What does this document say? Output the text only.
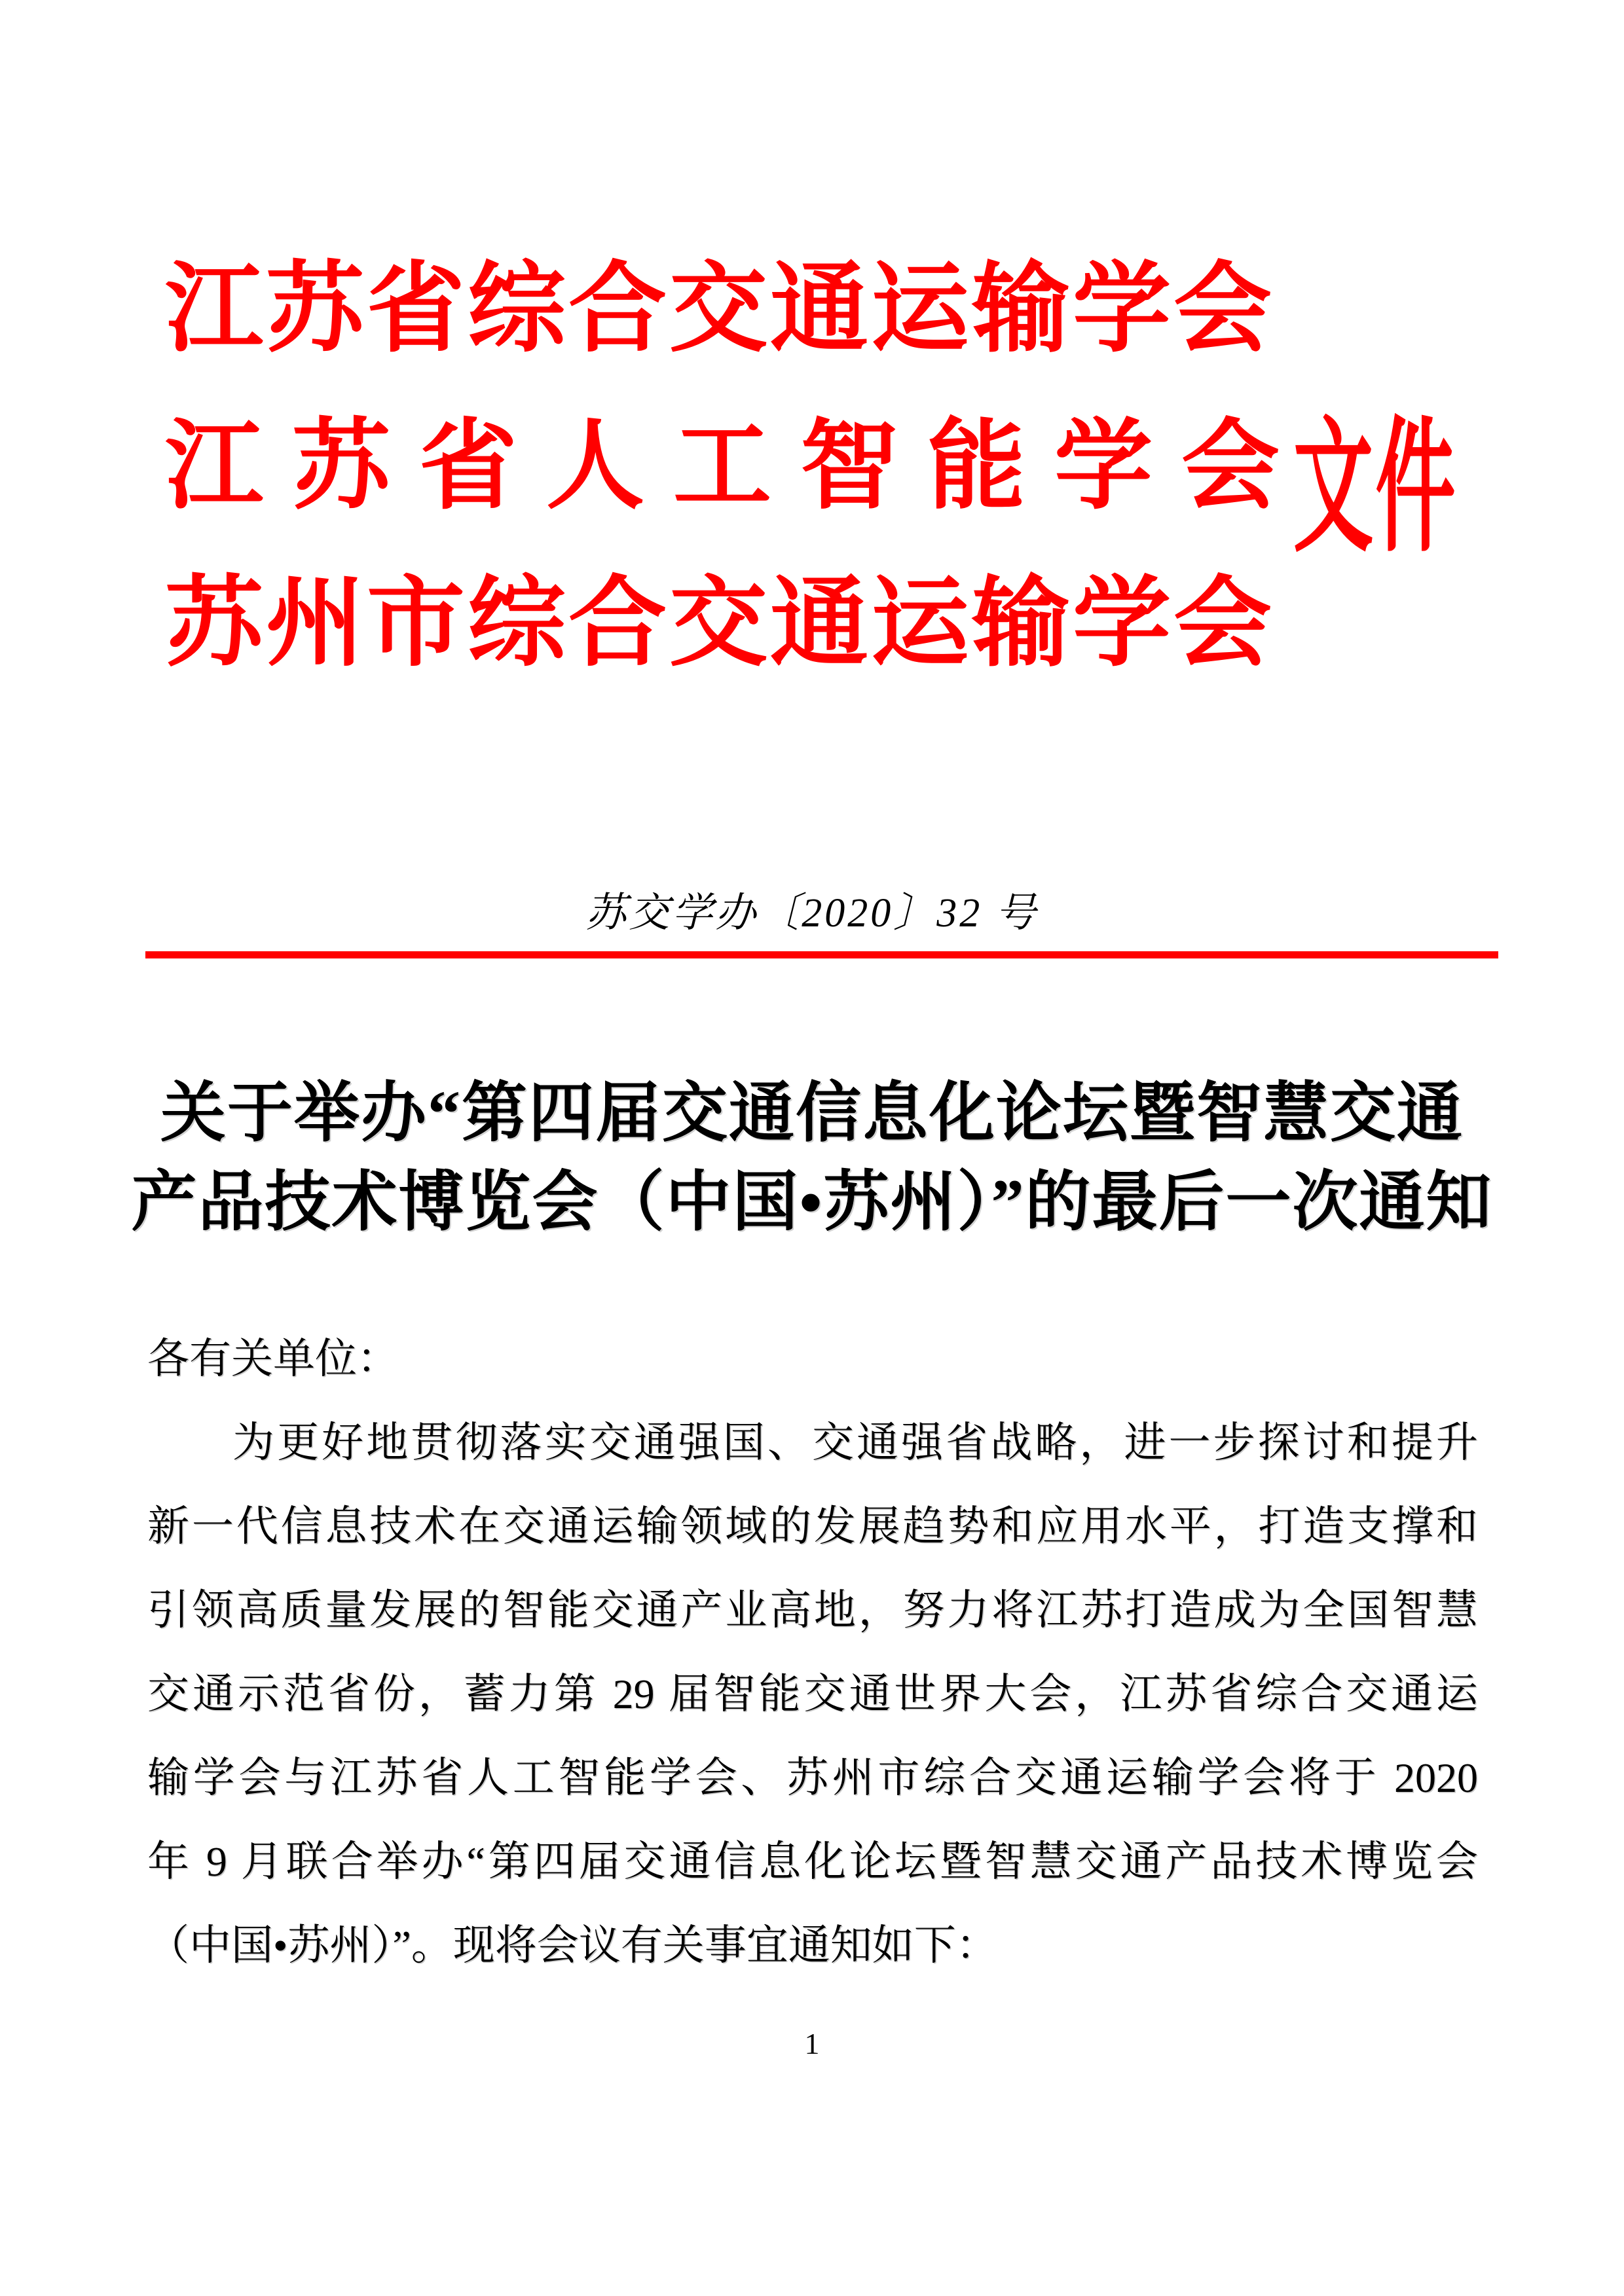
江苏省综合交通运输学会
江苏省人工智能学会
文件
苏州市综合交通运输学会
苏交学办〔2020〕32 号
关于举办“第四届交通信息化论坛暨智慧交通
产品技术博览会（中国•苏州）”的最后一次通知
各有关单位：
为更好地贯彻落实交通强国、交通强省战略，进一步探讨和提升
新一代信息技术在交通运输领域的发展趋势和应用水平，打造支撑和
引领高质量发展的智能交通产业高地，努力将江苏打造成为全国智慧
交通示范省份，蓄力第 29 届智能交通世界大会，江苏省综合交通运
输学会与江苏省人工智能学会、苏州市综合交通运输学会将于 2020
年 9 月联合举办“第四届交通信息化论坛暨智慧交通产品技术博览会
（中国•苏州）”。现将会议有关事宜通知如下：
1
